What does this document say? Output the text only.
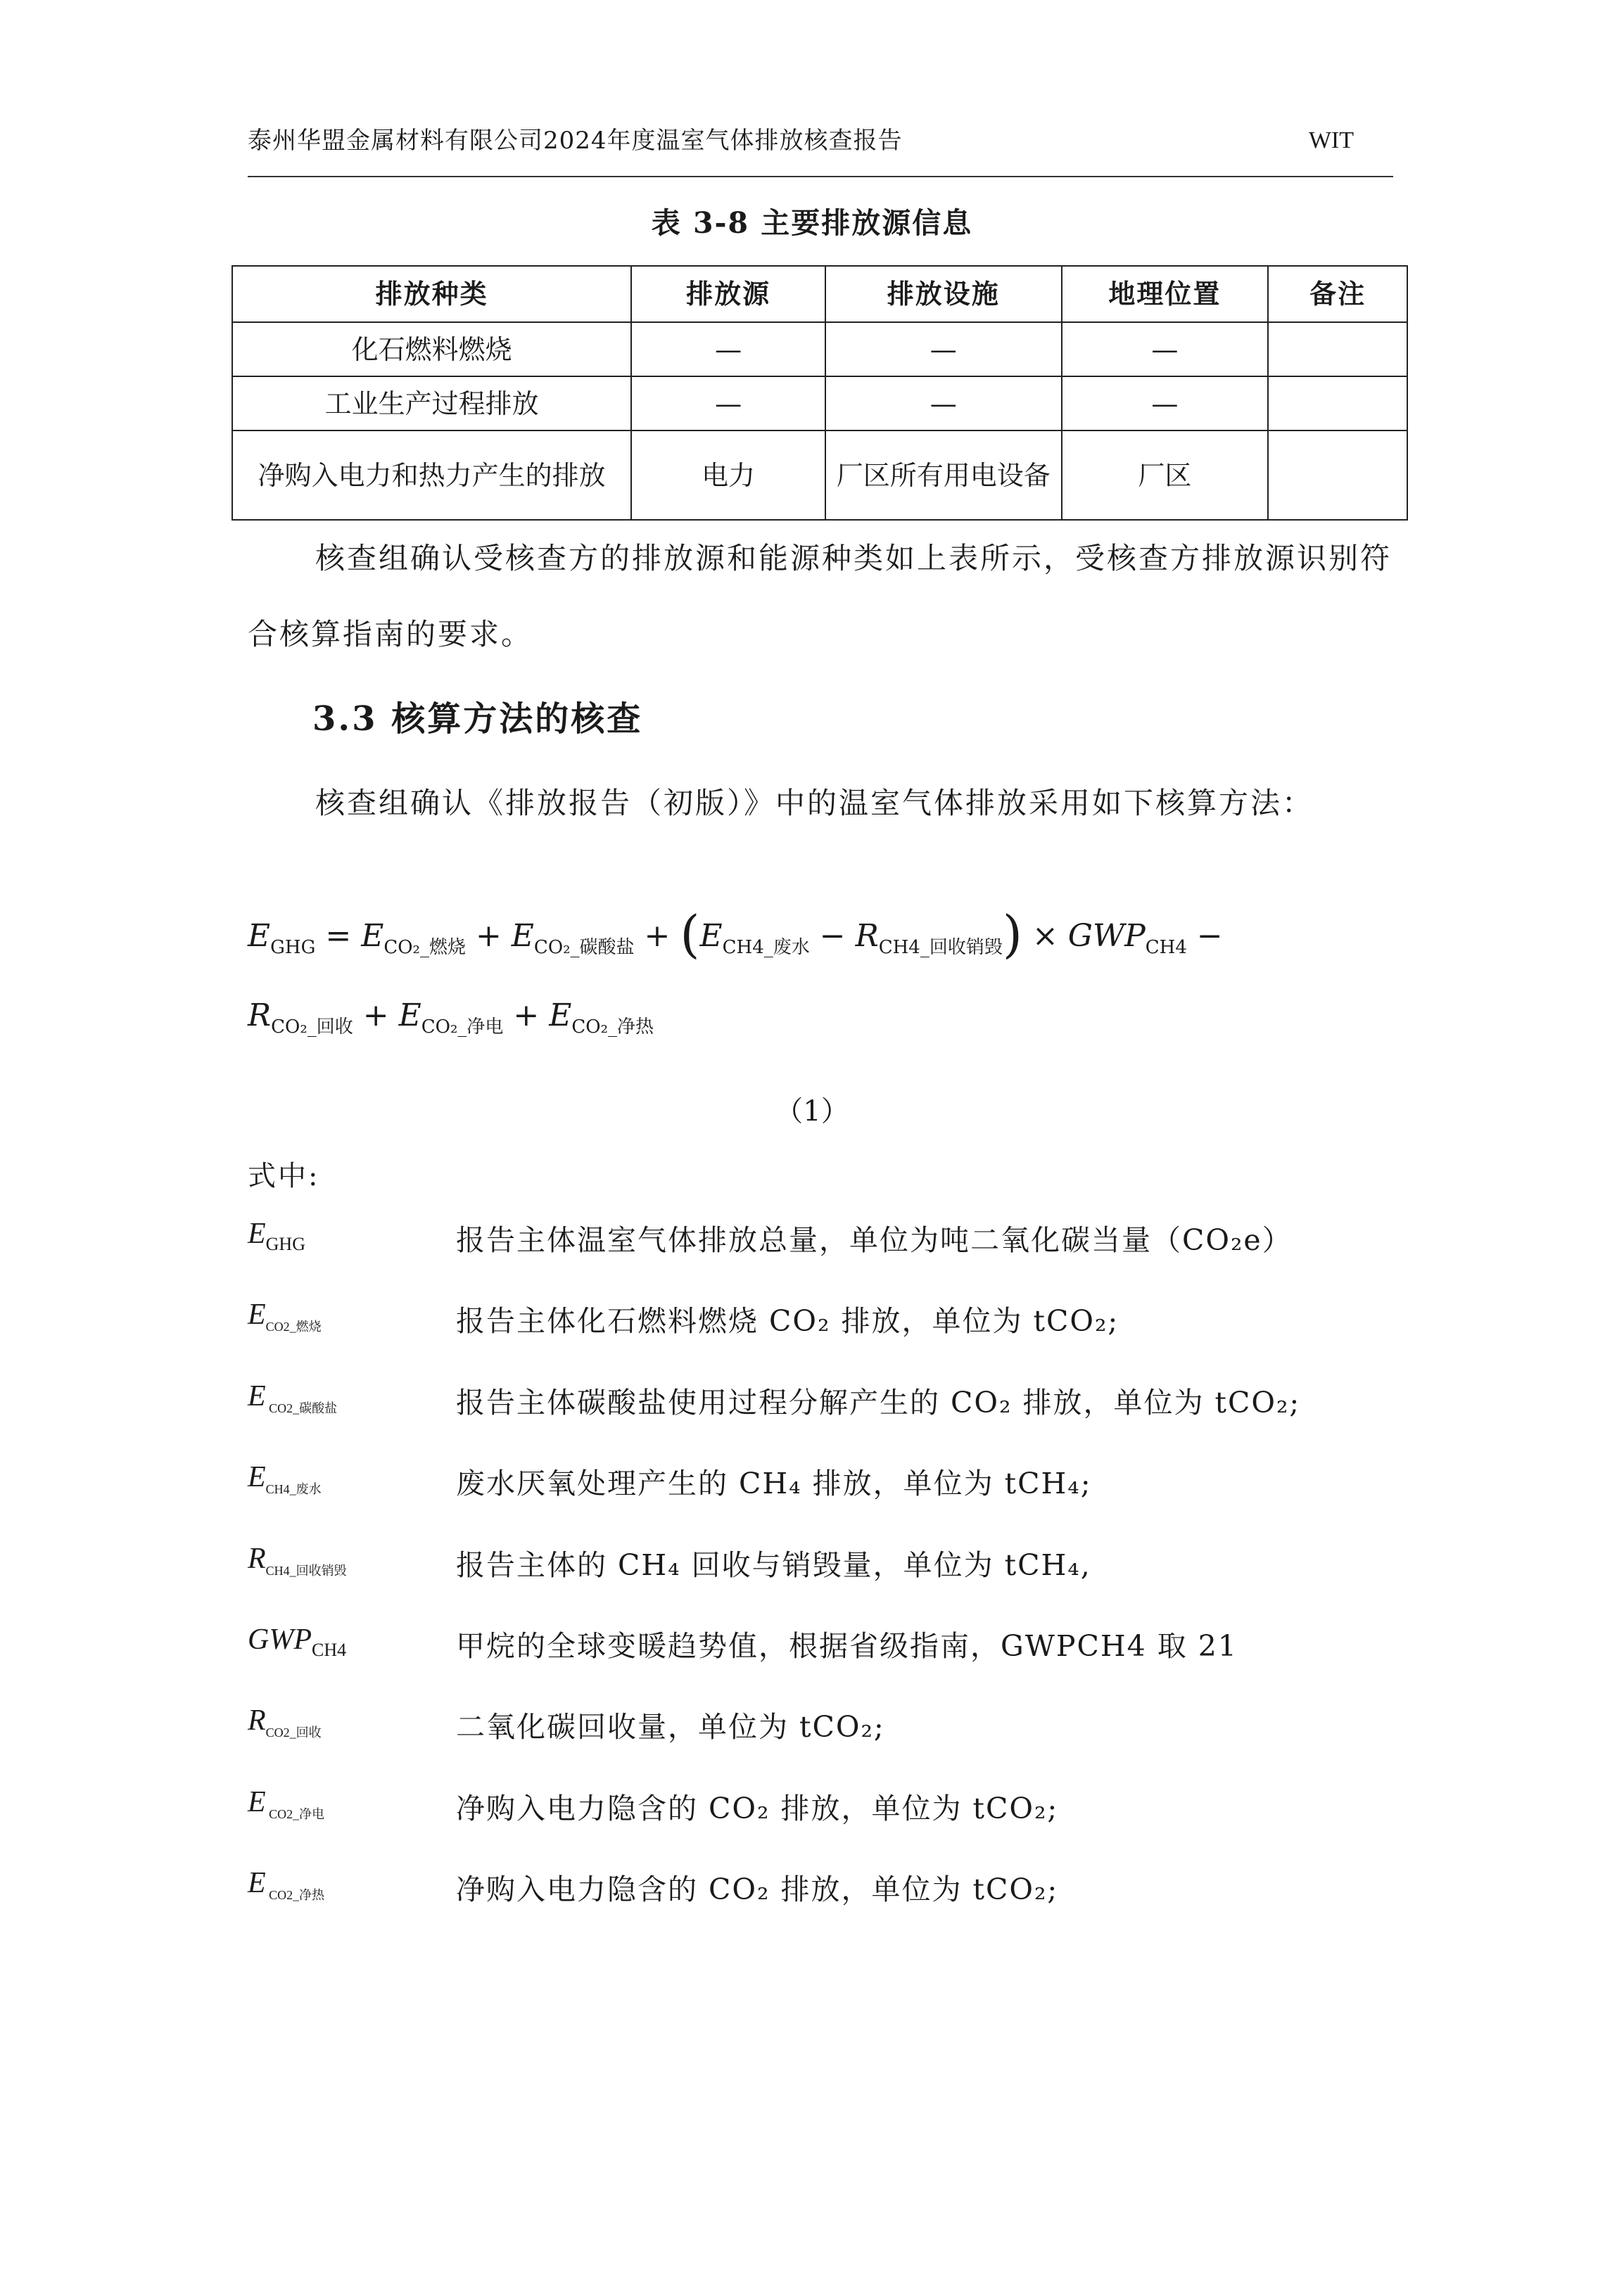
泰州华盟金属材料有限公司2024年度温室气体排放核查报告	WIT
表 3-8 主要排放源信息
排放种类	排放源	排放设施	地理位置	备注
化石燃料燃烧	—	—	—	
工业生产过程排放	—	—	—	
净购入电力和热力产生的排放	电力	厂区所有用电设备	厂区	
核查组确认受核查方的排放源和能源种类如上表所示，受核查方排放源识别符合核算指南的要求。
3.3 核算方法的核查
核查组确认《排放报告（初版）》中的温室气体排放采用如下核算方法：
$E_{GHG} = E_{CO_2\_燃烧} + E_{CO_2\_碳酸盐} + (E_{CH4\_废水} - R_{CH4\_回收销毁}) \times GWP_{CH4}$ −
$R_{CO_2\_回收} + E_{CO_2\_净电} + E_{CO_2\_净热}$
（1）
式中:
$E_{GHG}$	报告主体温室气体排放总量，单位为吨二氧化碳当量（CO₂e）
$E_{CO2\_燃烧}$	报告主体化石燃料燃烧 CO₂ 排放，单位为 tCO₂;
E $_{CO2\_碳酸盐}$	报告主体碳酸盐使用过程分解产生的 CO₂ 排放，单位为 tCO₂;
$E_{CH4\_废水}$	废水厌氧处理产生的 CH₄ 排放，单位为 tCH₄;
$R_{CH4\_回收销毁}$	报告主体的 CH₄ 回收与销毁量，单位为 tCH₄,
$GWP_{CH4}$	甲烷的全球变暖趋势值，根据省级指南，GWPCH4 取 21
$R_{CO2\_回收}$	二氧化碳回收量，单位为 tCO₂;
E $_{CO2\_净电}$	净购入电力隐含的 CO₂ 排放，单位为 tCO₂;
E $_{CO2\_净热}$	净购入电力隐含的 CO₂ 排放，单位为 tCO₂;
